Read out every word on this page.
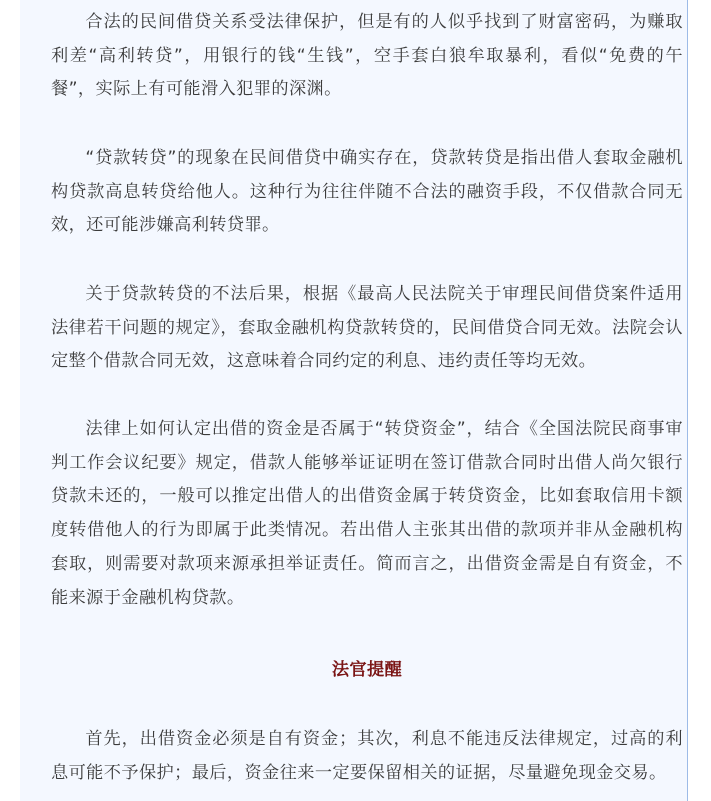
合法的民间借贷关系受法律保护，但是有的人似乎找到了财富密码，为赚取利差“高利转贷”，用银行的钱“生钱”，空手套白狼牟取暴利，看似“免费的午餐”，实际上有可能滑入犯罪的深渊。

“贷款转贷”的现象在民间借贷中确实存在，贷款转贷是指出借人套取金融机构贷款高息转贷给他人。这种行为往往伴随不合法的融资手段，不仅借款合同无效，还可能涉嫌高利转贷罪。

关于贷款转贷的不法后果，根据《最高人民法院关于审理民间借贷案件适用法律若干问题的规定》，套取金融机构贷款转贷的，民间借贷合同无效。法院会认定整个借款合同无效，这意味着合同约定的利息、违约责任等均无效。

法律上如何认定出借的资金是否属于“转贷资金”，结合《全国法院民商事审判工作会议纪要》规定，借款人能够举证证明在签订借款合同时出借人尚欠银行贷款未还的，一般可以推定出借人的出借资金属于转贷资金，比如套取信用卡额度转借他人的行为即属于此类情况。若出借人主张其出借的款项并非从金融机构套取，则需要对款项来源承担举证责任。简而言之，出借资金需是自有资金，不能来源于金融机构贷款。

法官提醒

首先，出借资金必须是自有资金；其次，利息不能违反法律规定，过高的利息可能不予保护；最后，资金往来一定要保留相关的证据，尽量避免现金交易。
